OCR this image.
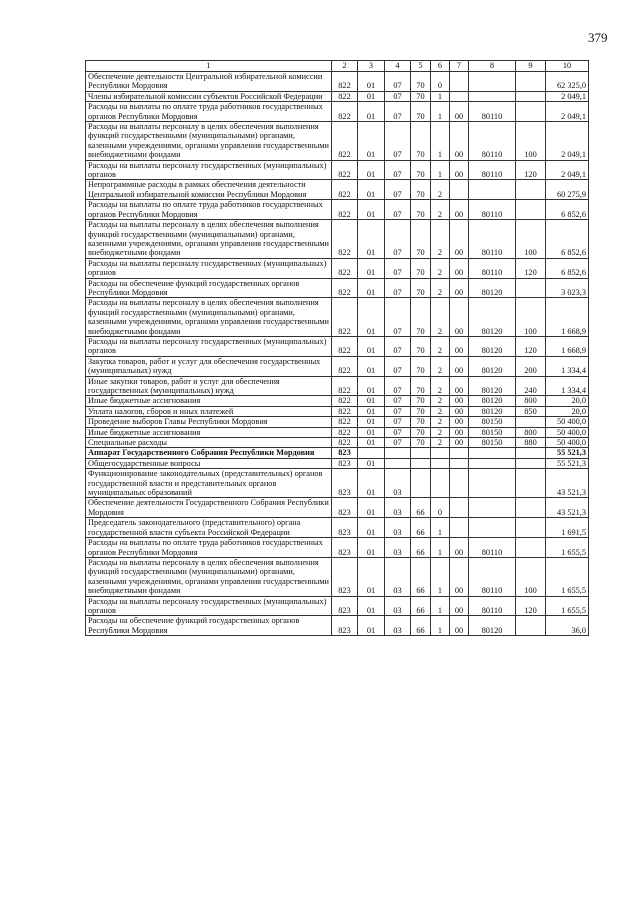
379
1	2	3	4	5	6	7	8	9	10
Обеспечение деятельности Центральной избирательной комиссии Республики Мордовия	822	01	07	70	0				62 325,0
Члены избирательной комиссии субъектов Российской Федерации	822	01	07	70	1				2 049,1
Расходы на выплаты по оплате труда работников государственных органов Республики Мордовия	822	01	07	70	1	00	80110		2 049,1
Расходы на выплаты персоналу в целях обеспечения выполнения функций государственными (муниципальными) органами, казенными учреждениями, органами управления государственными внебюджетными фондами	822	01	07	70	1	00	80110	100	2 049,1
Расходы на выплаты персоналу государственных (муниципальных) органов	822	01	07	70	1	00	80110	120	2 049,1
Непрограммные расходы в рамках обеспечения деятельности Центральной избирательной комиссии Республики Мордовия	822	01	07	70	2				60 275,9
Расходы на выплаты по оплате труда работников государственных органов Республики Мордовия	822	01	07	70	2	00	80110		6 852,6
Расходы на выплаты персоналу в целях обеспечения выполнения функций государственными (муниципальными) органами, казенными учреждениями, органами управления государственными внебюджетными фондами	822	01	07	70	2	00	80110	100	6 852,6
Расходы на выплаты персоналу государственных (муниципальных) органов	822	01	07	70	2	00	80110	120	6 852,6
Расходы на обеспечение функций государственных органов Республики Мордовия	822	01	07	70	2	00	80120		3 023,3
Расходы на выплаты персоналу в целях обеспечения выполнения функций государственными (муниципальными) органами, казенными учреждениями, органами управления государственными внебюджетными фондами	822	01	07	70	2	00	80120	100	1 668,9
Расходы на выплаты персоналу государственных (муниципальных) органов	822	01	07	70	2	00	80120	120	1 668,9
Закупка товаров, работ и услуг для обеспечения государственных (муниципальных) нужд	822	01	07	70	2	00	80120	200	1 334,4
Иные закупки товаров, работ и услуг для обеспечения государственных (муниципальных) нужд	822	01	07	70	2	00	80120	240	1 334,4
Иные бюджетные ассигнования	822	01	07	70	2	00	80120	800	20,0
Уплата налогов, сборов и иных платежей	822	01	07	70	2	00	80120	850	20,0
Проведение выборов Главы Республики Мордовия	822	01	07	70	2	00	80150		50 400,0
Иные бюджетные ассигнования	822	01	07	70	2	00	80150	800	50 400,0
Специальные расходы	822	01	07	70	2	00	80150	880	50 400,0
Аппарат Государственного Собрания Республики Мордовия	823								55 521,3
Общегосударственные вопросы	823	01							55 521,3
Функционирование законодательных (представительных) органов государственной власти и представительных органов муниципальных образований	823	01	03						43 521,3
Обеспечение деятельности Государственного Собрания Республики Мордовия	823	01	03	66	0				43 521,3
Председатель законодательного (представительного) органа государственной власти субъекта Российской Федерации	823	01	03	66	1				1 691,5
Расходы на выплаты по оплате труда работников государственных органов Республики Мордовия	823	01	03	66	1	00	80110		1 655,5
Расходы на выплаты персоналу в целях обеспечения выполнения функций государственными (муниципальными) органами, казенными учреждениями, органами управления государственными внебюджетными фондами	823	01	03	66	1	00	80110	100	1 655,5
Расходы на выплаты персоналу государственных (муниципальных) органов	823	01	03	66	1	00	80110	120	1 655,5
Расходы на обеспечение функций государственных органов Республики Мордовия	823	01	03	66	1	00	80120		36,0
